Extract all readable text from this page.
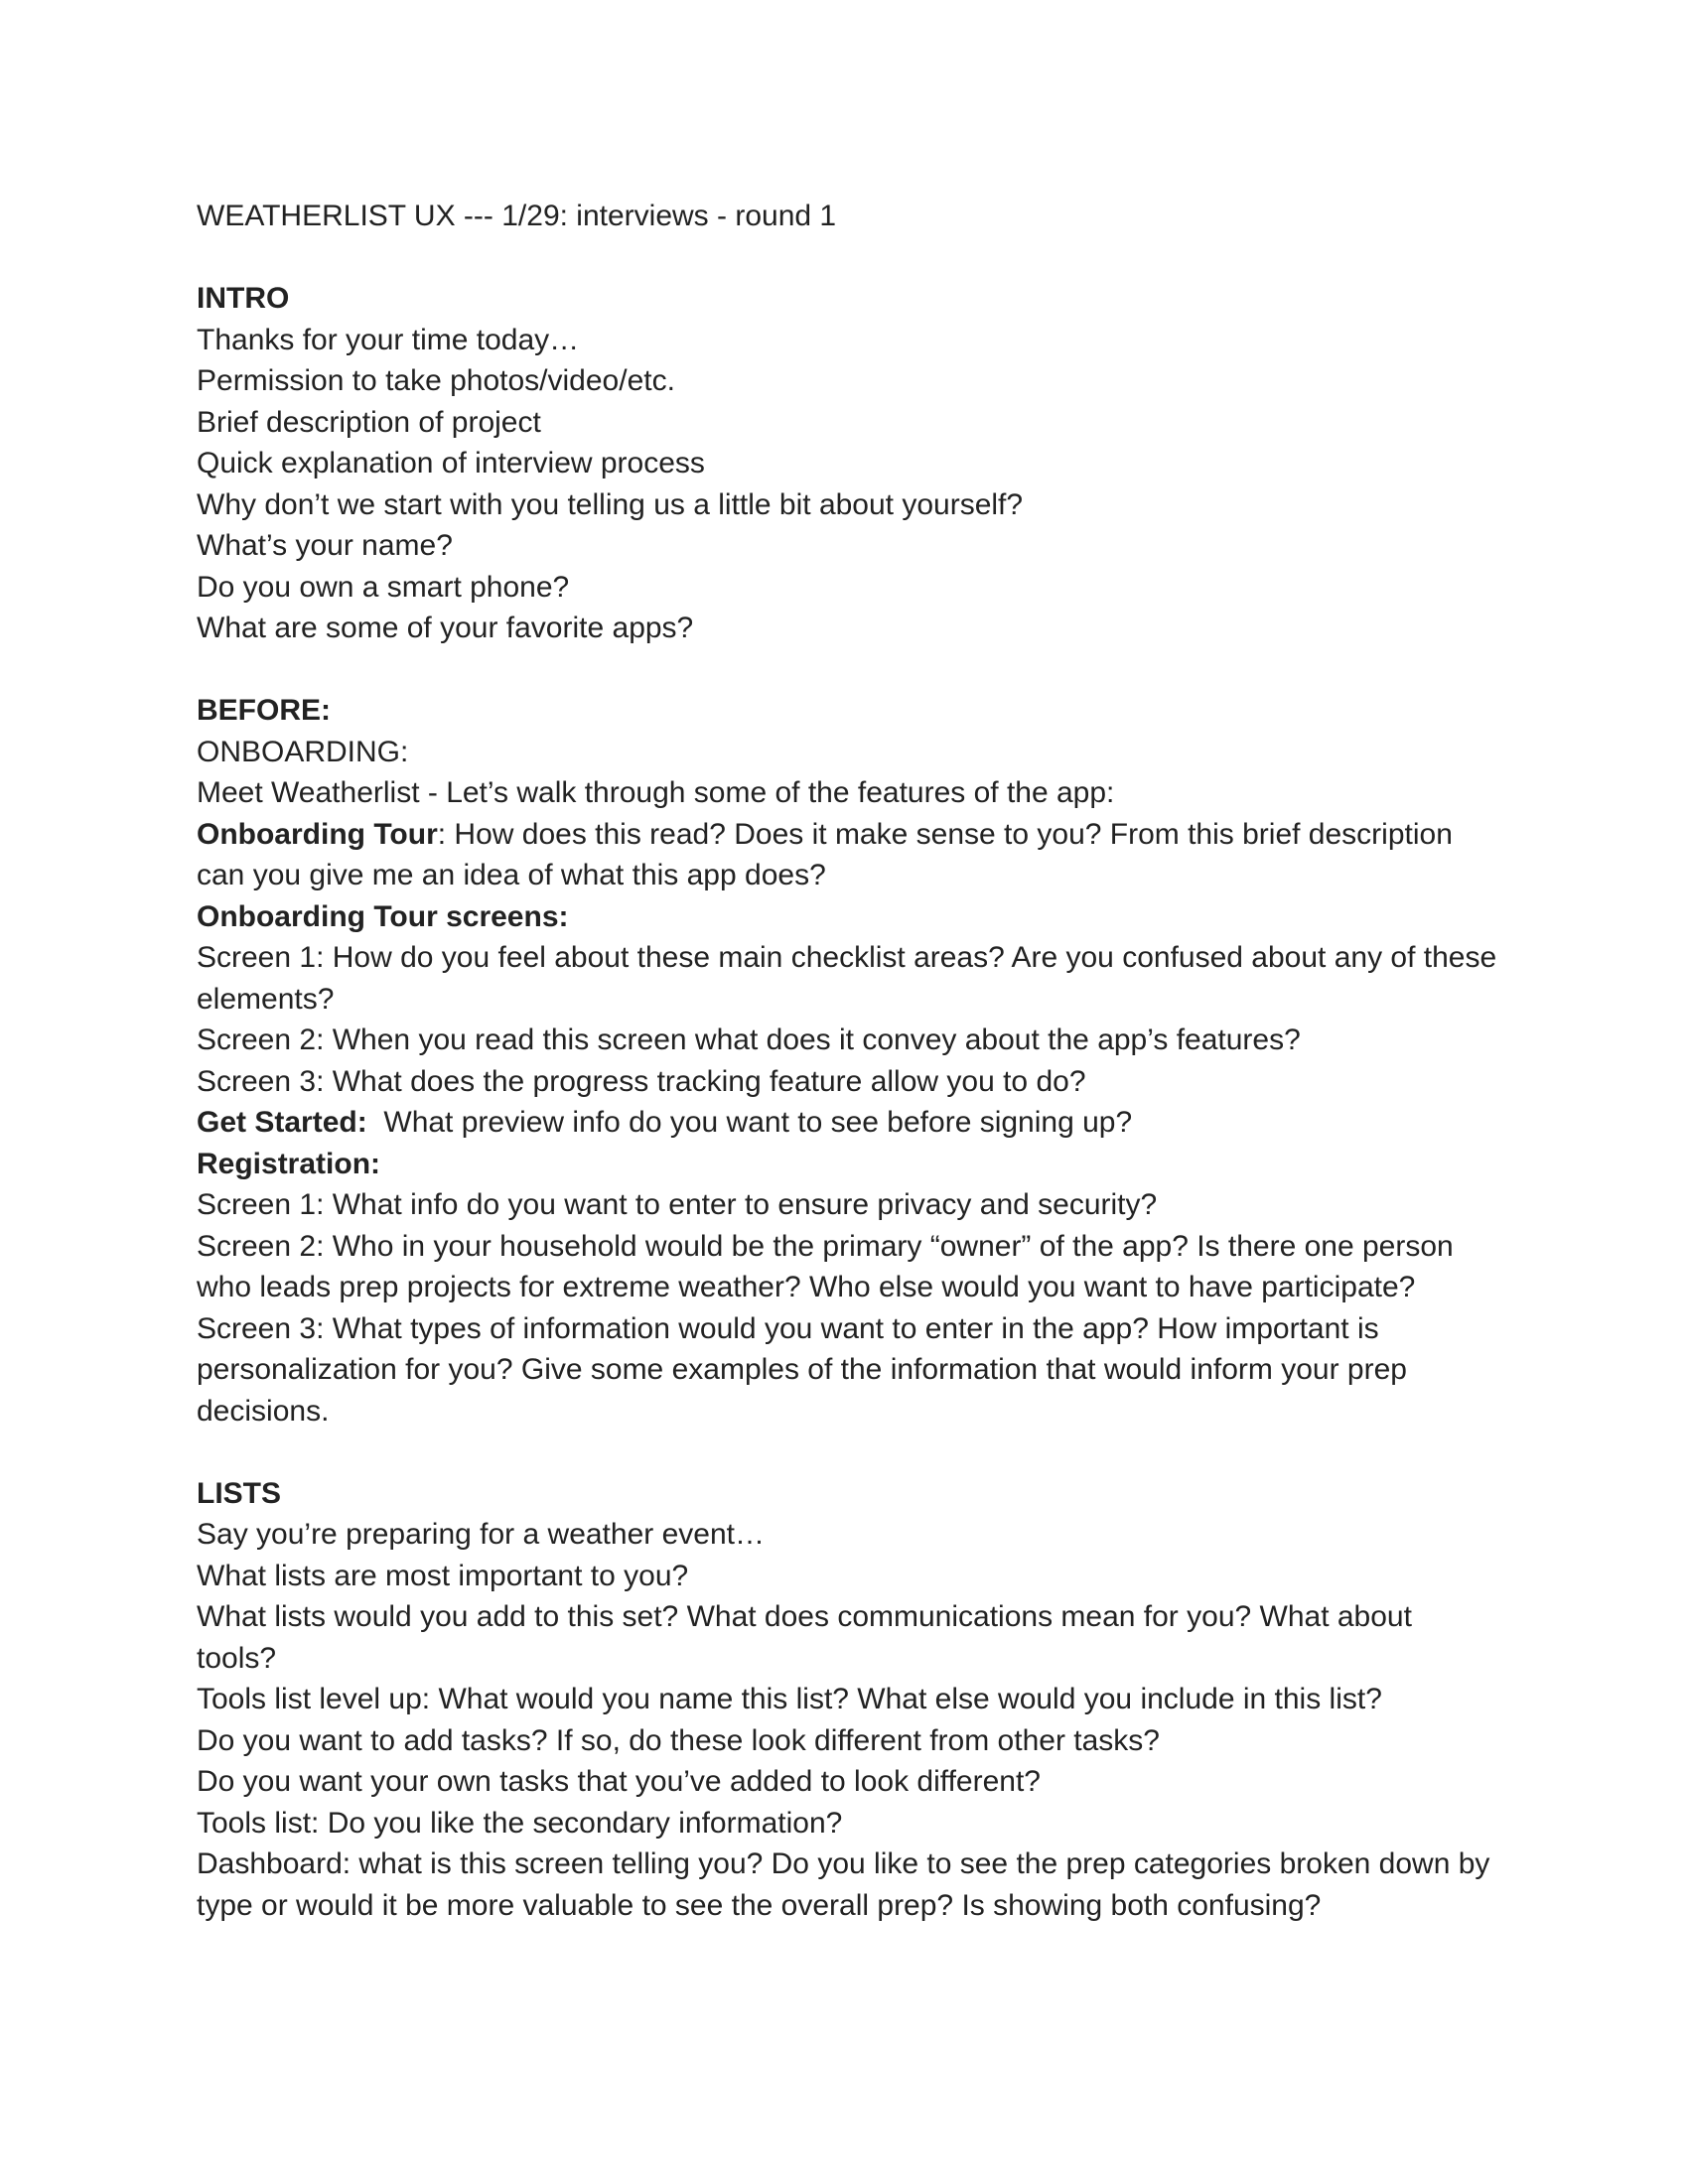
WEATHERLIST UX --- 1/29: interviews - round 1

INTRO

Thanks for your time today…

Permission to take photos/video/etc.

Brief description of project

Quick explanation of interview process

Why don’t we start with you telling us a little bit about yourself?

What’s your name?

Do you own a smart phone?

What are some of your favorite apps?

BEFORE:

ONBOARDING:

Meet Weatherlist - Let’s walk through some of the features of the app:

Onboarding Tour: How does this read? Does it make sense to you? From this brief description can you give me an idea of what this app does?

Onboarding Tour screens:

Screen 1: How do you feel about these main checklist areas? Are you confused about any of these elements?

Screen 2: When you read this screen what does it convey about the app’s features?

Screen 3: What does the progress tracking feature allow you to do?

Get Started:  What preview info do you want to see before signing up?

Registration:

Screen 1: What info do you want to enter to ensure privacy and security?

Screen 2: Who in your household would be the primary “owner” of the app? Is there one person who leads prep projects for extreme weather? Who else would you want to have participate?

Screen 3: What types of information would you want to enter in the app? How important is personalization for you? Give some examples of the information that would inform your prep decisions.

LISTS

Say you’re preparing for a weather event…

What lists are most important to you?

What lists would you add to this set? What does communications mean for you? What about tools?

Tools list level up: What would you name this list? What else would you include in this list?

Do you want to add tasks? If so, do these look different from other tasks?

Do you want your own tasks that you’ve added to look different?

Tools list: Do you like the secondary information?

Dashboard: what is this screen telling you? Do you like to see the prep categories broken down by type or would it be more valuable to see the overall prep? Is showing both confusing?
